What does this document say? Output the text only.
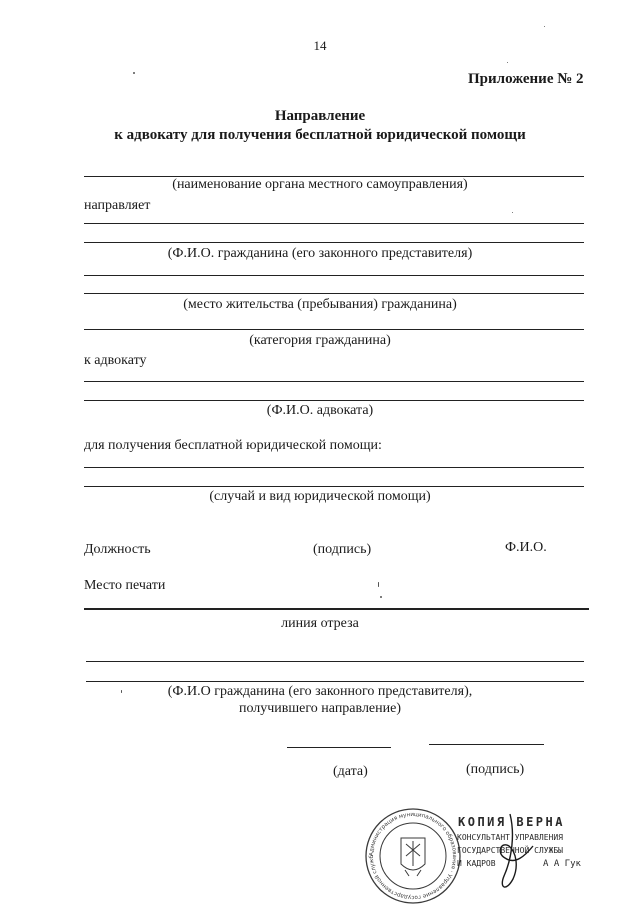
14
Приложение № 2
Направление
к адвокату для получения бесплатной юридической помощи
(наименование органа местного самоуправления)
направляет
(Ф.И.О. гражданина (его законного представителя)
(место жительства (пребывания) гражданина)
(категория гражданина)
к адвокату
(Ф.И.О. адвоката)
для получения бесплатной юридической помощи:
(случай и вид юридической помощи)
Должность	(подпись)	Ф.И.О.
Место печати
линия отреза
(Ф.И.О гражданина (его законного представителя),
получившего направление)
(дата)	(подпись)
Администрация муниципального образования · Управление государственной служб
КОПИЯ ВЕРНА
КОНСУЛЬТАНТ УПРАВЛЕНИЯ
ГОСУДАРСТВЕННОЙ СЛУЖБЫ
И КАДРОВ	А А Гук
